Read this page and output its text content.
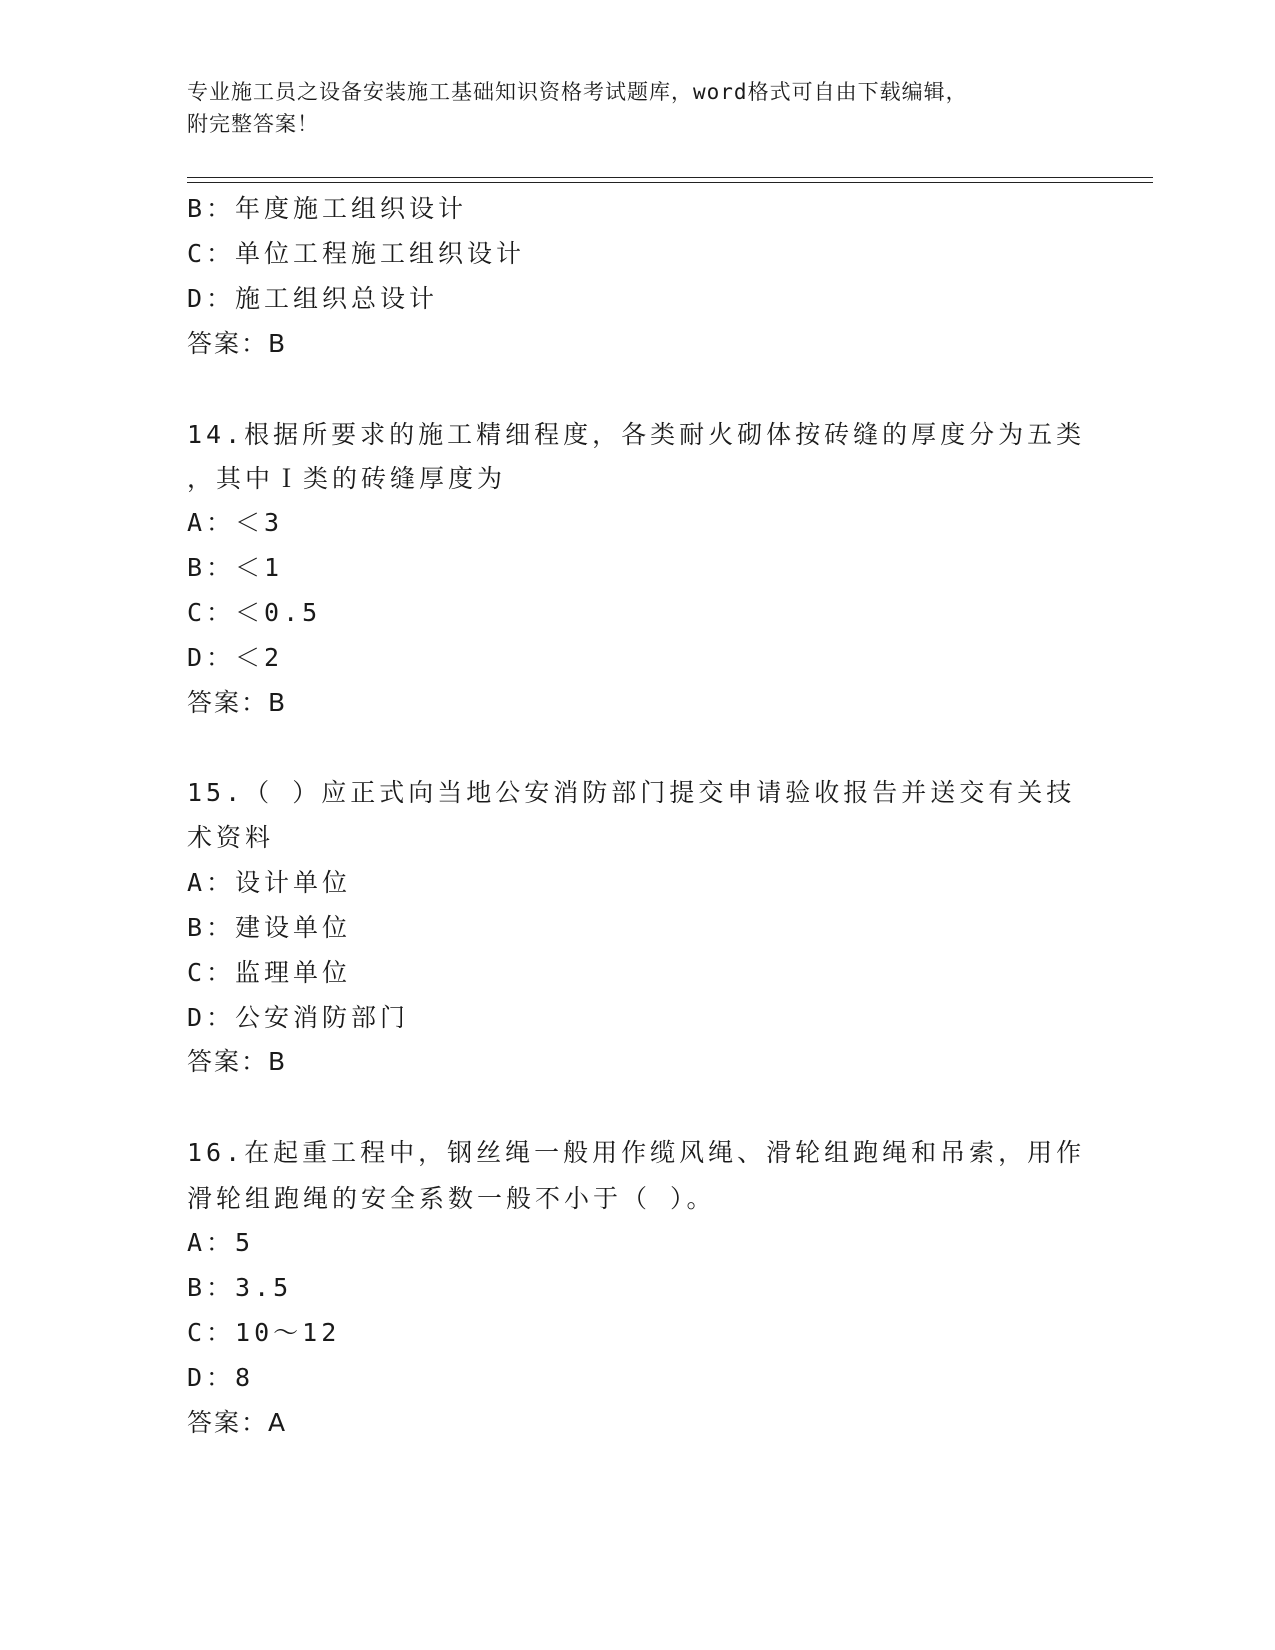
专业施工员之设备安装施工基础知识资格考试题库，word格式可自由下载编辑，
附完整答案！
B：年度施工组织设计
C：单位工程施工组织设计
D：施工组织总设计
答案：B
14.根据所要求的施工精细程度，各类耐火砌体按砖缝的厚度分为五类
，其中Ｉ类的砖缝厚度为
A：＜3
B：＜1
C：＜0.5
D：＜2
答案：B
15.（ ）应正式向当地公安消防部门提交申请验收报告并送交有关技
术资料
A：设计单位
B：建设单位
C：监理单位
D：公安消防部门
答案：B
16.在起重工程中，钢丝绳一般用作缆风绳、滑轮组跑绳和吊索，用作
滑轮组跑绳的安全系数一般不小于（ ）。
A：5
B：3.5
C：10～12
D：8
答案：A
